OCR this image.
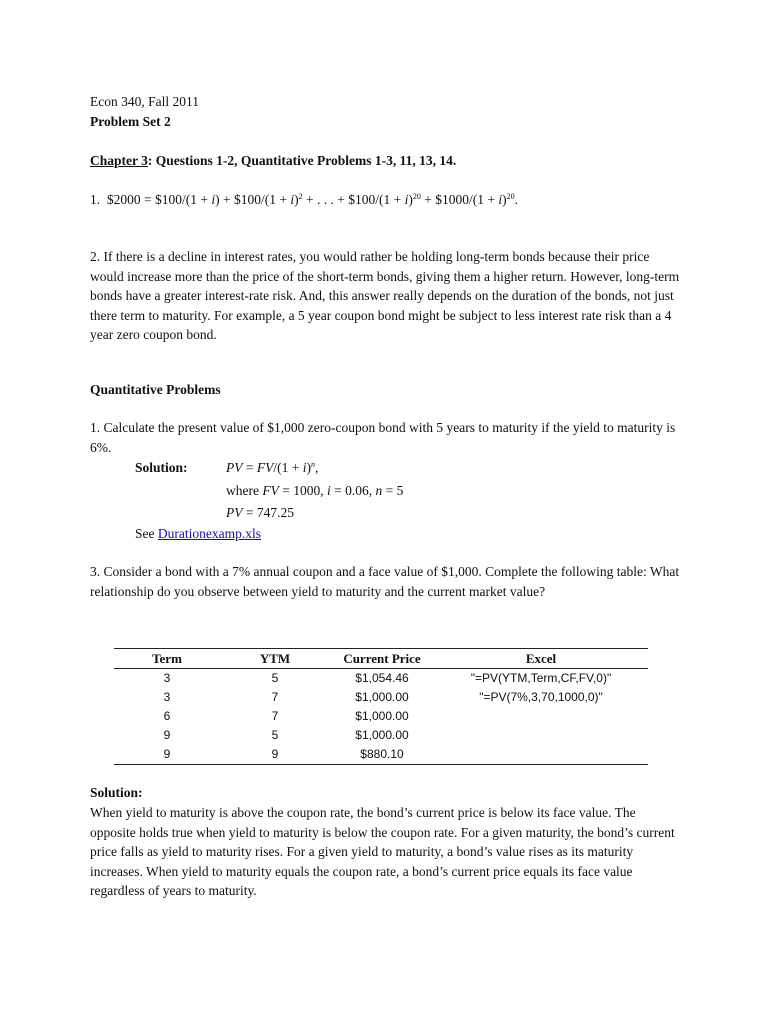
Econ 340, Fall 2011

Problem Set 2

Chapter 3: Questions 1-2, Quantitative Problems 1-3, 11, 13, 14.

1. $2000 = $100/(1 + i) + $100/(1 + i)$^2$ + . . . + $100/(1 + i)$^{20}$ + $1000/(1 + i)$^{20}$.

2. If there is a decline in interest rates, you would rather be holding long-term bonds because their price would increase more than the price of the short-term bonds, giving them a higher return. However, long-term bonds have a greater interest-rate risk. And, this answer really depends on the duration of the bonds, not just there term to maturity. For example, a 5 year coupon bond might be subject to less interest rate risk than a 4 year zero coupon bond.

Quantitative Problems

1. Calculate the present value of $1,000 zero-coupon bond with 5 years to maturity if the yield to maturity is 6%.

Solution:	PV = $FV/(1 + i)^n$,
where FV = 1000, i = 0.06, n = 5
PV = 747.25
See Durationexamp.xls

3. Consider a bond with a 7% annual coupon and a face value of $1,000. Complete the following table: What relationship do you observe between yield to maturity and the current market value?

Term	YTM	Current Price	Excel
3	5	$1,054.46	"=PV(YTM,Term,CF,FV,0)"
3	7	$1,000.00	"=PV(7%,3,70,1000,0)"
6	7	$1,000.00	
9	5	$1,000.00	
9	9	$880.10	

Solution:

When yield to maturity is above the coupon rate, the bond’s current price is below its face value. The opposite holds true when yield to maturity is below the coupon rate. For a given maturity, the bond’s current price falls as yield to maturity rises. For a given yield to maturity, a bond’s value rises as its maturity increases. When yield to maturity equals the coupon rate, a bond’s current price equals its face value regardless of years to maturity.
